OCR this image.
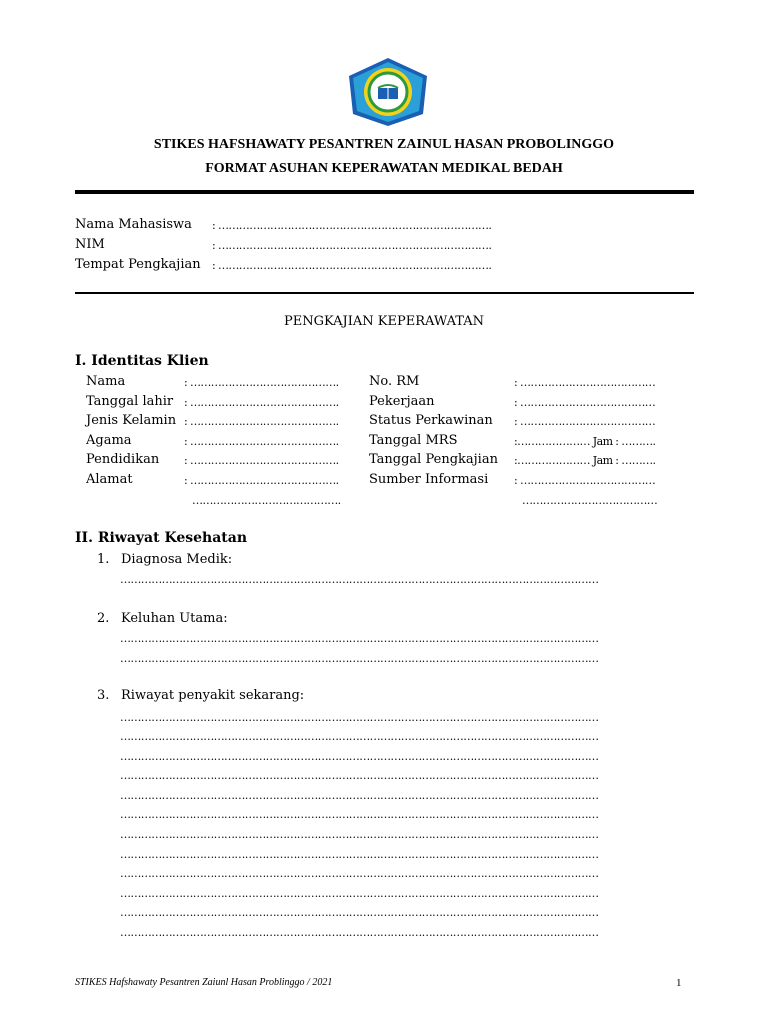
STIKES HAFSHAWATY PESANTREN ZAINUL HASAN PROBOLINGGO
FORMAT ASUHAN KEPERAWATAN MEDIKAL BEDAH
Nama Mahasiswa : …………………………………………………………………….
NIM	: …………………………………………………………………….
Tempat Pengkajian : …………………………………………………………………….
PENGKAJIAN KEPERAWATAN
I. Identitas Klien
Nama
Tanggal lahir
Jenis Kelamin
Agama
Pendidikan
Alamat
: …………………………………….
: …………………………………….
: …………………………………….
: …………………………………….
: …………………………………….
: …………………………………….
…………………………………….
No. RM
Pekerjaan
Status Perkawinan
Tanggal MRS
Tanggal Pengkajian
Sumber Informasi
: …………………………………
: …………………………………
: …………………………………
:………………… Jam : ……….
:………………… Jam : ……….
: …………………………………
…………………………………
II. Riwayat Kesehatan
1. Diagnosa Medik:
…………………………………………………………………………………………………………………………
2. Keluhan Utama:
…………………………………………………………………………………………………………………………
…………………………………………………………………………………………………………………………
3. Riwayat penyakit sekarang:
…………………………………………………………………………………………………………………………
…………………………………………………………………………………………………………………………
…………………………………………………………………………………………………………………………
…………………………………………………………………………………………………………………………
…………………………………………………………………………………………………………………………
…………………………………………………………………………………………………………………………
…………………………………………………………………………………………………………………………
…………………………………………………………………………………………………………………………
…………………………………………………………………………………………………………………………
…………………………………………………………………………………………………………………………
…………………………………………………………………………………………………………………………
…………………………………………………………………………………………………………………………
STIKES Hafshawaty Pesantren Zaiunl Hasan Problinggo / 2021	1
